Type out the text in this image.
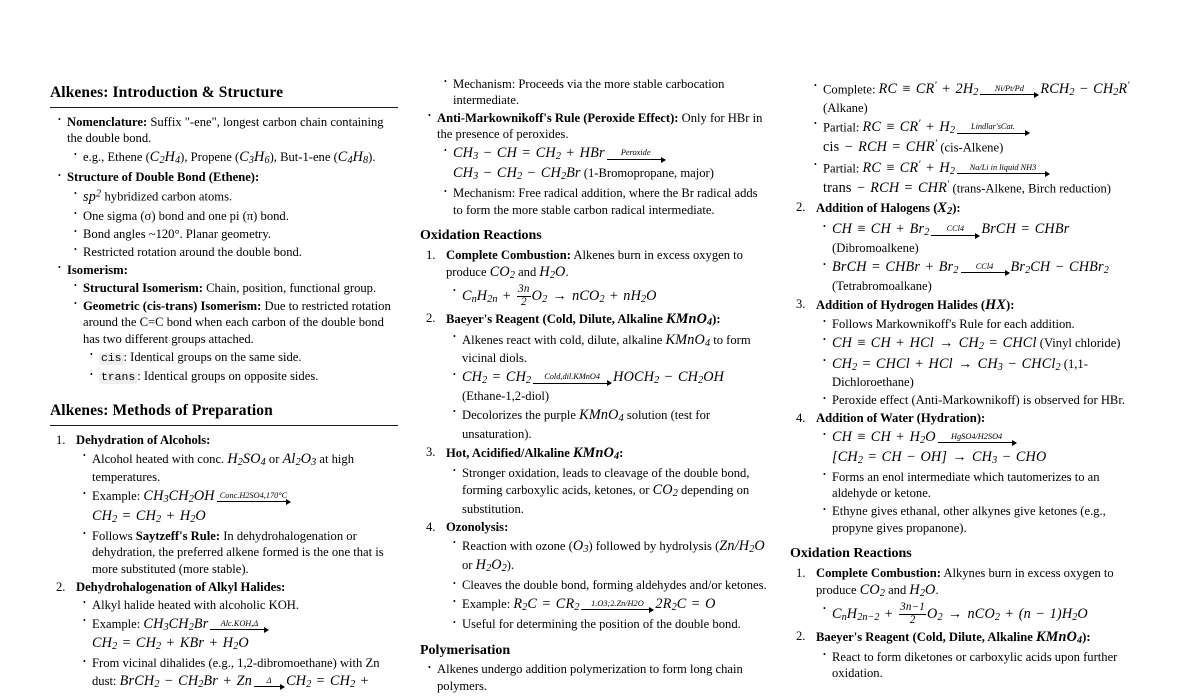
Alkenes: Introduction & Structure
• Nomenclature: Suffix "-ene", longest carbon chain containing the double bond.
• e.g., Ethene $(C_2H_4)$, Propene $(C_3H_6)$, But-1-ene $(C_4H_8)$.
• Structure of Double Bond (Ethene):
• $sp^2$ hybridized carbon atoms.
• One sigma (σ) bond and one pi (π) bond.
• Bond angles ~120°. Planar geometry.
• Restricted rotation around the double bond.
• Isomerism:
• Structural Isomerism: Chain, position, functional group.
• Geometric (cis-trans) Isomerism: Due to restricted rotation around the C=C bond when each carbon of the double bond has two different groups attached.
• cis : Identical groups on the same side.
• trans : Identical groups on opposite sides.
Alkenes: Methods of Preparation
Dehydration of Alcohols:
• Alcohol heated with conc. $H_2SO_4$ or $Al_2O_3$ at high temperatures.
• Example: $CH_3CH_2OH$ Conc.H2SO4,170°C
$CH_2 = CH_2 + H_2O$
• Follows Saytzeff's Rule: In dehydrohalogenation or dehydration, the preferred alkene formed is the one that is more substituted (more stable).
Dehydrohalogenation of Alkyl Halides:
• Alkyl halide heated with alcoholic KOH.
• Example: $CH_3CH_2Br$	Alc.KOH,Δ
$CH_2 = CH_2$ + KBr + $H_2O$
• From vicinal dihalides (e.g., 1,2-dibromoethane) with Zn dust: BrCH$_2$ − $CH_2Br + Zn$	Δ	$CH_2 = CH_2$ +
• Mechanism: Proceeds via the more stable carbocation intermediate.
• Anti-Markownikoff's Rule (Peroxide Effect): Only for HBr in the presence of peroxides.
• $CH_3$ − CH = $CH_2$ + HBr	Peroxide
$CH_3 - CH_2 - CH_2Br$ (1-Bromopropane, major)
• Mechanism: Free radical addition, where the Br radical adds to form the more stable carbon radical intermediate.
Oxidation Reactions
Complete Combustion: Alkenes burn in excess oxygen to produce $CO_2$ and $H_2O$.
• $C_nH_{2n} + \frac{3n}{2} O_2 \to nCO_2 + nH_2O$
Baeyer's Reagent (Cold, Dilute, Alkaline KMnO$_4$):
• Alkenes react with cold, dilute, alkaline KMnO$_4$ to form vicinal diols.
• $CH_2 = CH_2$	Cold,dil.KMnO4 $HOCH_2 - CH_2OH$
(Ethane-1,2-diol)
• Decolorizes the purple KMnO$_4$ solution (test for unsaturation).
Hot, Acidified/Alkaline KMnO$_4$:
• Stronger oxidation, leads to cleavage of the double bond, forming carboxylic acids, ketones, or $CO_2$ depending on substitution.
Ozonolysis:
• Reaction with ozone $(O_3)$ followed by hydrolysis ($Zn/H_2O$ or $H_2O_2$).
• Cleaves the double bond, forming aldehydes and/or ketones.
• Example: $R_2C = CR_2$	1.O3;2.Zn/H2O $2R_2C = O$
• Useful for determining the position of the double bond.
Polymerisation
• Alkenes undergo addition polymerization to form long chain polymers.
• Complete: RC ≡ $CR' + 2H_2$	Ni/Pt/Pd	$RCH_2 - CH_2R'$ (Alkane)
• Partial: RC ≡ $CR' + H_2$	Lindlar′sCat.
cis − RCH = CHR′ (cis-Alkene)
• Partial: RC ≡ $CR' + H_2$	Na/Li in liquid NH3
trans − RCH = CHR′ (trans-Alkene, Birch reduction)
Addition of Halogens $(X_2)$:
• CH ≡ CH + $Br_2$	CCl4	BrCH = CHBr
(Dibromoalkene)
• BrCH = CHBr + $Br_2$	CCl4	$Br_2CH$ − CHBr$_2$
(Tetrabromoalkane)
Addition of Hydrogen Halides (HX):
• Follows Markownikoff's Rule for each addition.
• CH ≡ CH + HCl → $CH_2$ = CHCl (Vinyl chloride)
• $CH_2$ = CHCl + HCl → $CH_3$ − CHCl$_2$ (1,1-Dichloroethane)
• Peroxide effect (Anti-Markownikoff) is observed for HBr.
Addition of Water (Hydration):
• CH ≡ CH + $H_2O$	HgSO4/H2SO4
[$CH_2$ = CH − $OH] \to CH_3$ − CHO
• Forms an enol intermediate which tautomerizes to an aldehyde or ketone.
• Ethyne gives ethanal, other alkynes give ketones (e.g., propyne gives propanone).
Oxidation Reactions
Complete Combustion: Alkynes burn in excess oxygen to produce $CO_2$ and $H_2O$.
• $C_nH_{2n-2} + \frac{3n-1}{2} O_2 \to nCO_2 + (n - 1)H_2O$
Baeyer's Reagent (Cold, Dilute, Alkaline KMnO$_4$):
• React to form diketones or carboxylic acids upon further oxidation.
